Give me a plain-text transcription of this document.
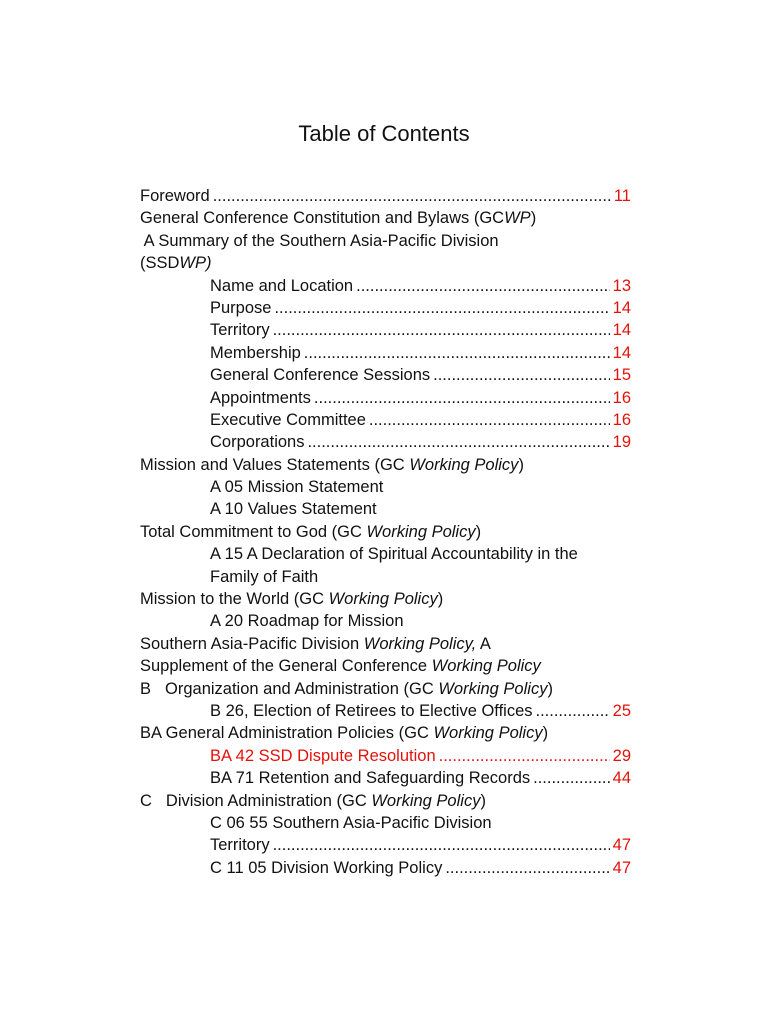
Table of Contents
Foreword .....	11
General Conference Constitution and Bylaws (GCWP)
A Summary of the Southern Asia-Pacific Division
(SSDWP)
Name and Location .....	13
Purpose .....	14
Territory .....	14
Membership .....	14
General Conference Sessions .....	15
Appointments .....	16
Executive Committee .....	16
Corporations .....	19
Mission and Values Statements (GC Working Policy)
A 05 Mission Statement
A 10 Values Statement
Total Commitment to God (GC Working Policy)
A 15 A Declaration of Spiritual Accountability in the
Family of Faith
Mission to the World (GC Working Policy)
A 20 Roadmap for Mission
Southern Asia-Pacific Division Working Policy, A
Supplement of the General Conference Working Policy
B Organization and Administration (GC Working Policy)
B 26, Election of Retirees to Elective Offices .....	25
BA General Administration Policies (GC Working Policy)
BA 42 SSD Dispute Resolution .....	29
BA 71 Retention and Safeguarding Records .....	44
C Division Administration (GC Working Policy)
C 06 55 Southern Asia-Pacific Division
Territory .....	47
C 11 05 Division Working Policy .....	47
